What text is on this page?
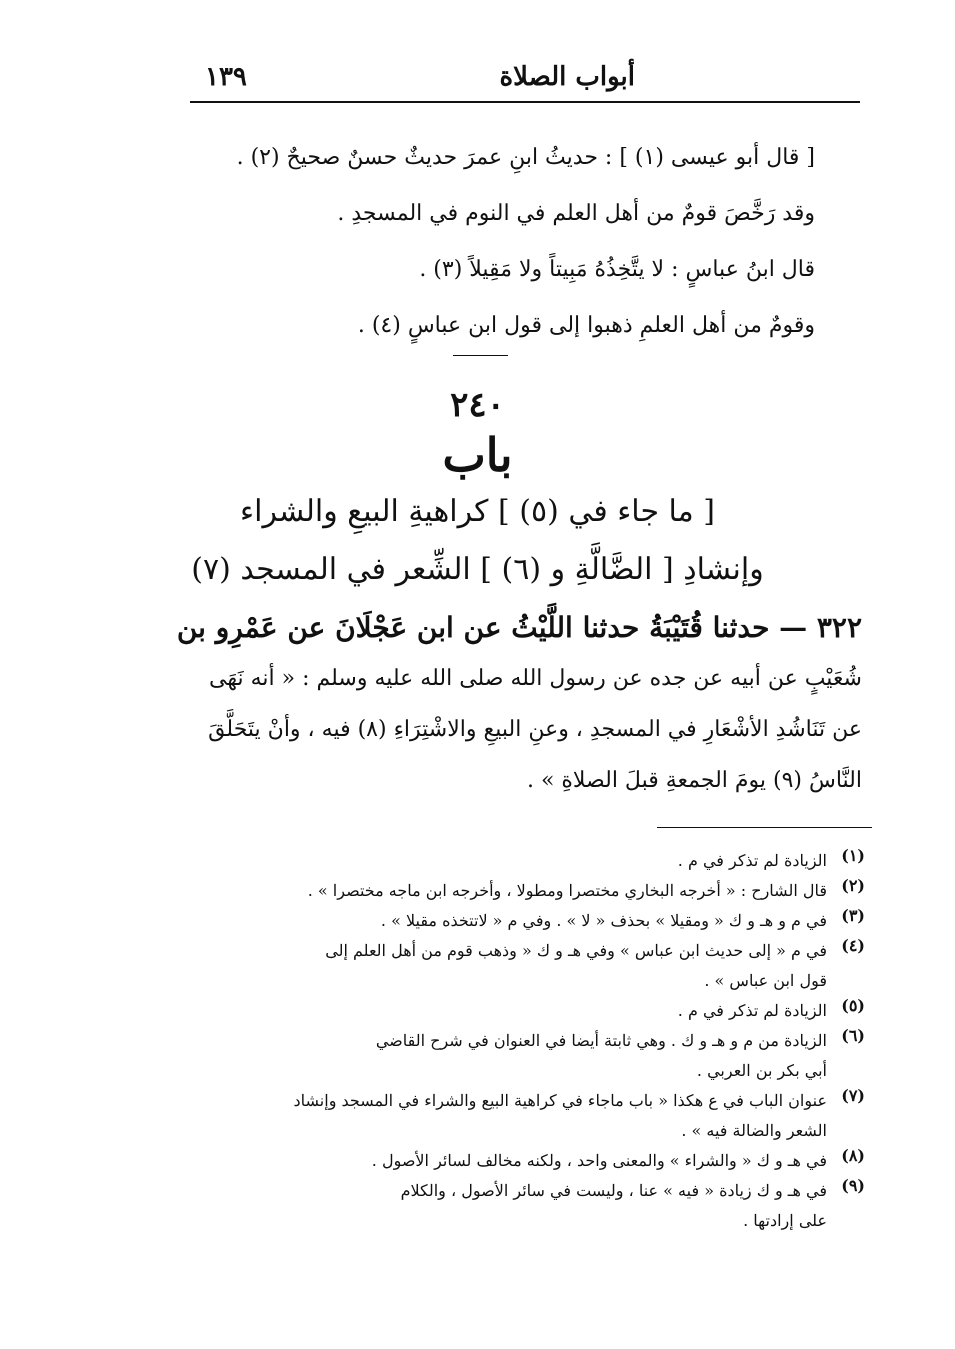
أبواب الصلاة
١٣٩
[ قال أبو عيسى (١) ] : حديثُ ابنِ عمرَ حديثٌ حسنٌ صحيحٌ (٢) .
وقد رَخَّصَ قومٌ من أهل العلم في النوم في المسجدِ .
قال ابنُ عباسٍ : لا يتَّخِذُهُ مَبِيتاً ولا مَقِيلاً (٣) .
وقومٌ من أهل العلمِ ذهبوا إلى قول ابن عباسٍ (٤) .
٢٤٠
باب
[ ما جاء في (٥) ] كراهيةِ البيعِ والشراء
وإنشادِ [ الضَّالَّةِ و (٦) ] الشِّعر في المسجد (٧)
٣٢٢ — حدثنا قُتَيْبَةُ حدثنا اللَّيْثُ عن ابن عَجْلَانَ عن عَمْرِو بن
شُعَيْبٍ عن أبيه عن جده عن رسول الله صلى الله عليه وسلم : « أنه نَهَى
عن تَنَاشُدِ الأشْعَارِ في المسجدِ ، وعنِ البيعِ والاشْتِرَاءِ (٨) فيه ، وأنْ يتَحَلَّقَ
النَّاسُ (٩) يومَ الجمعةِ قبلَ الصلاةِ » .
(١)
الزيادة لم تذكر في م .
(٢)
قال الشارح : « أخرجه البخاري مختصرا ومطولا ، وأخرجه ابن ماجه مختصرا » .
(٣)
في م و هـ و ك « ومقيلا » بحذف « لا » . وفي م « لاتتخذه مقيلا » .
(٤)
في م « إلى حديث ابن عباس » وفي هـ و ك « وذهب قوم من أهل العلم إلى
قول ابن عباس » .
(٥)
الزيادة لم تذكر في م .
(٦)
الزيادة من م و هـ و ك . وهي ثابتة أيضا في العنوان في شرح القاضي
أبي بكر بن العربي .
(٧)
عنوان الباب في ع هكذا « باب ماجاء في كراهية البيع والشراء في المسجد وإنشاد
الشعر والضالة فيه » .
(٨)
في هـ و ك « والشراء » والمعنى واحد ، ولكنه مخالف لسائر الأصول .
(٩)
في هـ و ك زيادة « فيه » عنا ، وليست في سائر الأصول ، والكلام
على إرادتها .
